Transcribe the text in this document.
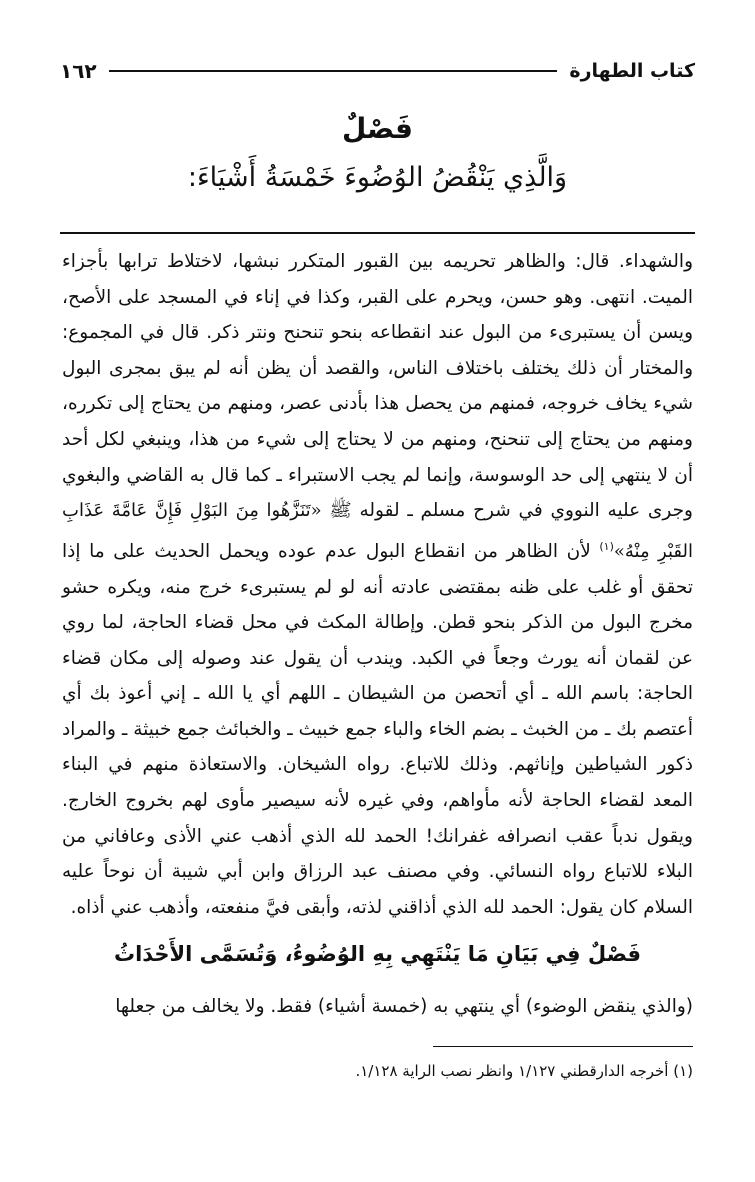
١٦٢	كتاب الطهارة
فَصْلٌ
وَالَّذِي يَنْقُضُ الوُضُوءَ خَمْسَةُ أَشْيَاءَ:

والشهداء. قال: والظاهر تحريمه بين القبور المتكرر نبشها، لاختلاط ترابها بأجزاء الميت. انتهى. وهو حسن، ويحرم على القبر، وكذا في إناء في المسجد على الأصح، ويسن أن يستبرىء من البول عند انقطاعه بنحو تنحنح ونتر ذكر. قال في المجموع: والمختار أن ذلك يختلف باختلاف الناس، والقصد أن يظن أنه لم يبق بمجرى البول شيء يخاف خروجه، فمنهم من يحصل هذا بأدنى عصر، ومنهم من يحتاج إلى تكرره، ومنهم من يحتاج إلى تنحنح، ومنهم من لا يحتاج إلى شيء من هذا، وينبغي لكل أحد أن لا ينتهي إلى حد الوسوسة، وإنما لم يجب الاستبراء ـ كما قال به القاضي والبغوي وجرى عليه النووي في شرح مسلم ـ لقوله ﷺ «تَنَزَّهُوا مِنَ البَوْلِ فَإِنَّ عَامَّةَ عَذَابِ القَبْرِ مِنْهُ»$^{(١)}$ لأن الظاهر من انقطاع البول عدم عوده ويحمل الحديث على ما إذا تحقق أو غلب على ظنه بمقتضى عادته أنه لو لم يستبرىء خرج منه، ويكره حشو مخرج البول من الذكر بنحو قطن. وإطالة المكث في محل قضاء الحاجة، لما روي عن لقمان أنه يورث وجعاً في الكبد. ويندب أن يقول عند وصوله إلى مكان قضاء الحاجة: باسم الله ـ أي أتحصن من الشيطان ـ اللهم أي يا الله ـ إني أعوذ بك أي أعتصم بك ـ من الخبث ـ بضم الخاء والباء جمع خبيث ـ والخبائث جمع خبيثة ـ والمراد ذكور الشياطين وإناثهم. وذلك للاتباع. رواه الشيخان. والاستعاذة منهم في البناء المعد لقضاء الحاجة لأنه مأواهم، وفي غيره لأنه سيصير مأوى لهم بخروج الخارج. ويقول ندباً عقب انصرافه غفرانك! الحمد لله الذي أذهب عني الأذى وعافاني من البلاء للاتباع رواه النسائي. وفي مصنف عبد الرزاق وابن أبي شيبة أن نوحاً عليه السلام كان يقول: الحمد لله الذي أذاقني لذته، وأبقى فيَّ منفعته، وأذهب عني أذاه.

فَصْلٌ فِي بَيَانِ مَا يَنْتَهِي بِهِ الوُضُوءُ، وَتُسَمَّى الأَحْدَاثُ
(والذي ينقض الوضوء) أي ينتهي به (خمسة أشياء) فقط. ولا يخالف من جعلها
(١) أخرجه الدارقطني ١/١٢٧ وانظر نصب الراية ١/١٢٨.
